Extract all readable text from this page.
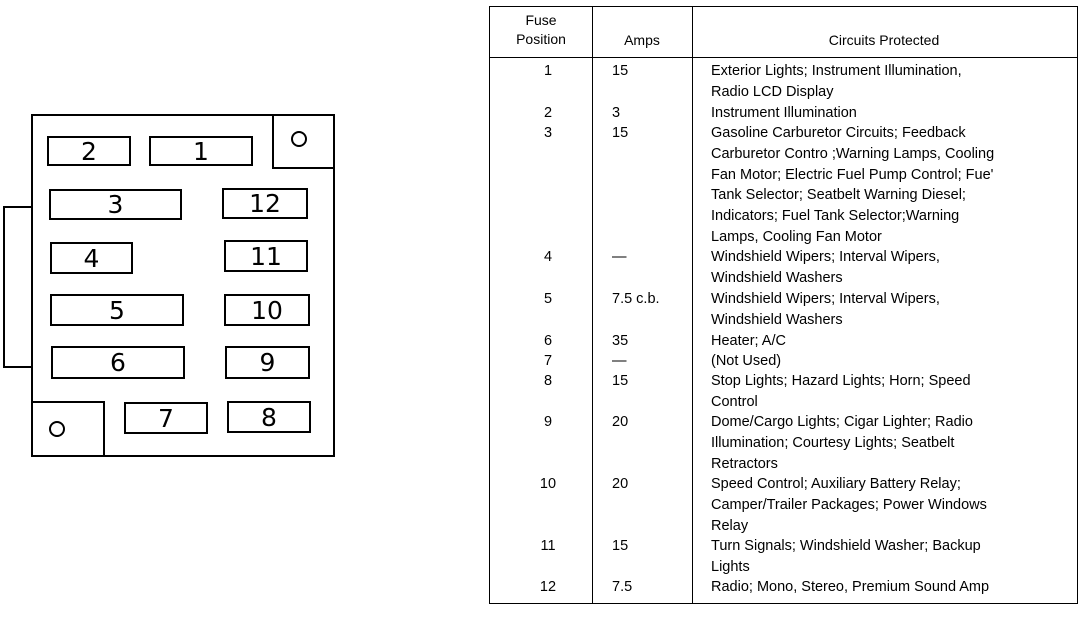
2	1
3	12
4	11
5	10
6	9
7	8
Fuse
Position	Amps	Circuits Protected
1	15	Exterior Lights; Instrument Illumination,
Radio LCD Display
2	3	Instrument Illumination
3	15	Gasoline Carburetor Circuits; Feedback
Carburetor Contro ;Warning Lamps, Cooling
Fan Motor; Electric Fuel Pump Control; Fue'
Tank Selector; Seatbelt Warning Diesel;
Indicators; Fuel Tank Selector;Warning
Lamps, Cooling Fan Motor
4	—	Windshield Wipers; Interval Wipers,
Windshield Washers
5	7.5 c.b.	Windshield Wipers; Interval Wipers,
Windshield Washers
6	35	Heater; A/C
7	—	(Not Used)
8	15	Stop Lights; Hazard Lights; Horn; Speed
Control
9	20	Dome/Cargo Lights; Cigar Lighter; Radio
Illumination; Courtesy Lights; Seatbelt
Retractors
10	20	Speed Control; Auxiliary Battery Relay;
Camper/Trailer Packages; Power Windows
Relay
11	15	Turn Signals; Windshield Washer; Backup
Lights
12	7.5	Radio; Mono, Stereo, Premium Sound Amp
